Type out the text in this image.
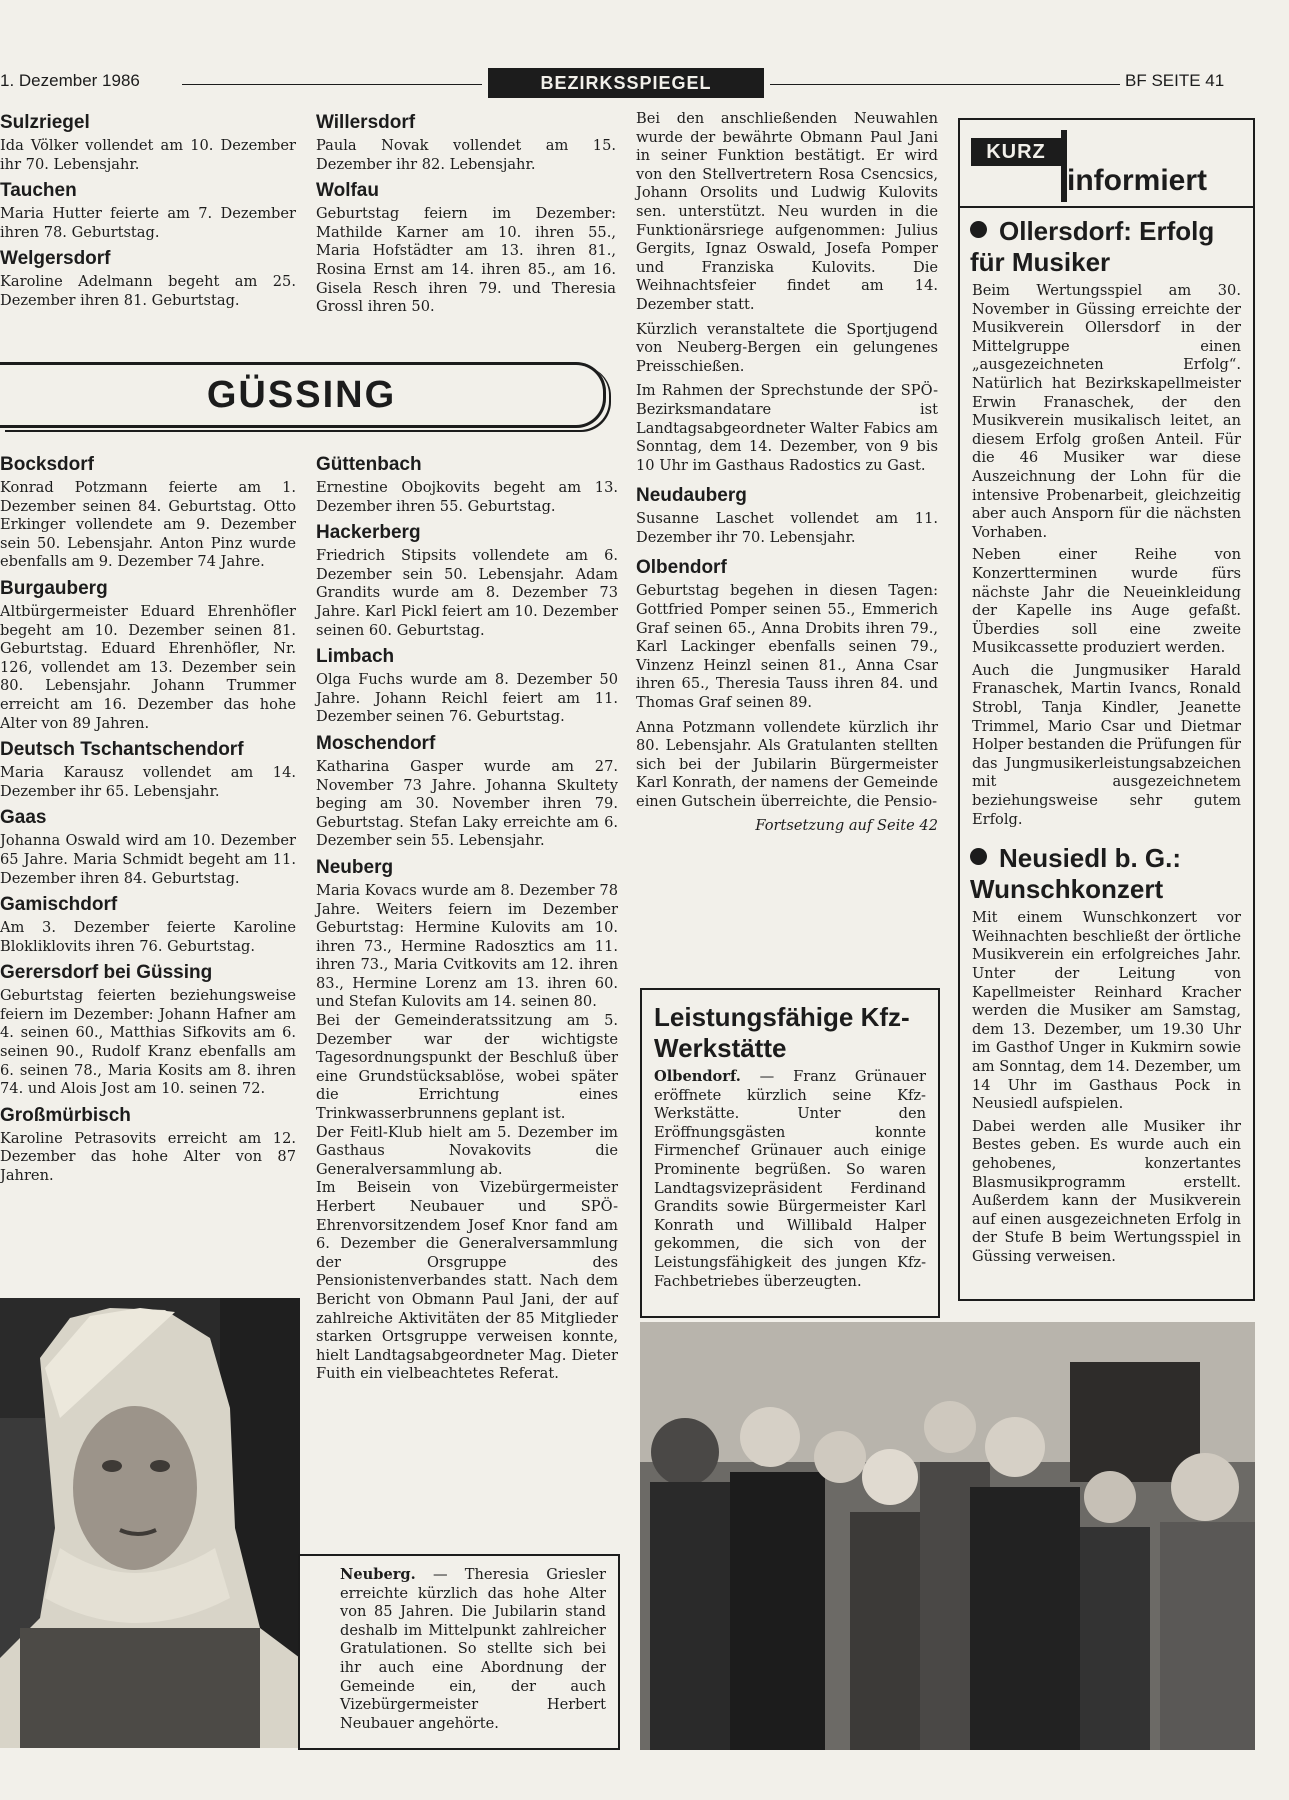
1. Dezember 1986	BEZIRKSSPIEGEL	BF SEITE 41
Sulzriegel
Ida Völker vollendet am 10. Dezember ihr 70. Lebensjahr.
Tauchen
Maria Hutter feierte am 7. Dezember ihren 78. Geburtstag.
Welgersdorf
Karoline Adelmann begeht am 25. Dezember ihren 81. Geburtstag.
Willersdorf
Paula Novak vollendet am 15. Dezember ihr 82. Lebensjahr.
Wolfau
Geburtstag feiern im Dezember: Mathilde Karner am 10. ihren 55., Maria Hofstädter am 13. ihren 81., Rosina Ernst am 14. ihren 85., am 16. Gisela Resch ihren 79. und Theresia Grossl ihren 50.
GÜSSING
Bocksdorf
Konrad Potzmann feierte am 1. Dezember seinen 84. Geburtstag. Otto Erkinger vollendete am 9. Dezember sein 50. Lebensjahr. Anton Pinz wurde ebenfalls am 9. Dezember 74 Jahre.
Burgauberg
Altbürgermeister Eduard Ehrenhöfler begeht am 10. Dezember seinen 81. Geburtstag. Eduard Ehrenhöfler, Nr. 126, vollendet am 13. Dezember sein 80. Lebensjahr. Johann Trummer erreicht am 16. Dezember das hohe Alter von 89 Jahren.
Deutsch Tschantschendorf
Maria Karausz vollendet am 14. Dezember ihr 65. Lebensjahr.
Gaas
Johanna Oswald wird am 10. Dezember 65 Jahre. Maria Schmidt begeht am 11. Dezember ihren 84. Geburtstag.
Gamischdorf
Am 3. Dezember feierte Karoline Blokliklovits ihren 76. Geburtstag.
Gerersdorf bei Güssing
Geburtstag feierten beziehungsweise feiern im Dezember: Johann Hafner am 4. seinen 60., Matthias Sifkovits am 6. seinen 90., Rudolf Kranz ebenfalls am 6. seinen 78., Maria Kosits am 8. ihren 74. und Alois Jost am 10. seinen 72.
Großmürbisch
Karoline Petrasovits erreicht am 12. Dezember das hohe Alter von 87 Jahren.
Güttenbach
Ernestine Obojkovits begeht am 13. Dezember ihren 55. Geburtstag.
Hackerberg
Friedrich Stipsits vollendete am 6. Dezember sein 50. Lebensjahr. Adam Grandits wurde am 8. Dezember 73 Jahre. Karl Pickl feiert am 10. Dezember seinen 60. Geburtstag.
Limbach
Olga Fuchs wurde am 8. Dezember 50 Jahre. Johann Reichl feiert am 11. Dezember seinen 76. Geburtstag.
Moschendorf
Katharina Gasper wurde am 27. November 73 Jahre. Johanna Skultety beging am 30. November ihren 79. Geburtstag. Stefan Laky erreichte am 6. Dezember sein 55. Lebensjahr.
Neuberg
Maria Kovacs wurde am 8. Dezember 78 Jahre. Weiters feiern im Dezember Geburtstag: Hermine Kulovits am 10. ihren 73., Hermine Radosztics am 11. ihren 73., Maria Cvitkovits am 12. ihren 83., Hermine Lorenz am 13. ihren 60. und Stefan Kulovits am 14. seinen 80.
Bei der Gemeinderatssitzung am 5. Dezember war der wichtigste Tagesordnungspunkt der Beschluß über eine Grundstücksablöse, wobei später die Errichtung eines Trinkwasserbrunnens geplant ist.
Der Feitl-Klub hielt am 5. Dezember im Gasthaus Novakovits die Generalversammlung ab.
Im Beisein von Vizebürgermeister Herbert Neubauer und SPÖ-Ehrenvorsitzendem Josef Knor fand am 6. Dezember die Generalversammlung der Orsgruppe des Pensionistenverbandes statt. Nach dem Bericht von Obmann Paul Jani, der auf zahlreiche Aktivitäten der 85 Mitglieder starken Ortsgruppe verweisen konnte, hielt Landtagsabgeordneter Mag. Dieter Fuith ein vielbeachtetes Referat.
Bei den anschließenden Neuwahlen wurde der bewährte Obmann Paul Jani in seiner Funktion bestätigt. Er wird von den Stellvertretern Rosa Csencsics, Johann Orsolits und Ludwig Kulovits sen. unterstützt. Neu wurden in die Funktionärsriege aufgenommen: Julius Gergits, Ignaz Oswald, Josefa Pomper und Franziska Kulovits. Die Weihnachtsfeier findet am 14. Dezember statt.
Kürzlich veranstaltete die Sportjugend von Neuberg-Bergen ein gelungenes Preisschießen.
Im Rahmen der Sprechstunde der SPÖ-Bezirksmandatare ist Landtagsabgeordneter Walter Fabics am Sonntag, dem 14. Dezember, von 9 bis 10 Uhr im Gasthaus Radostics zu Gast.
Neudauberg
Susanne Laschet vollendet am 11. Dezember ihr 70. Lebensjahr.
Olbendorf
Geburtstag begehen in diesen Tagen: Gottfried Pomper seinen 55., Emmerich Graf seinen 65., Anna Drobits ihren 79., Karl Lackinger ebenfalls seinen 79., Vinzenz Heinzl seinen 81., Anna Csar ihren 65., Theresia Tauss ihren 84. und Thomas Graf seinen 89.
Anna Potzmann vollendete kürzlich ihr 80. Lebensjahr. Als Gratulanten stellten sich bei der Jubilarin Bürgermeister Karl Konrath, der namens der Gemeinde einen Gutschein überreichte, die Pensio-
Fortsetzung auf Seite 42
Leistungsfähige Kfz-Werkstätte
Olbendorf. — Franz Grünauer eröffnete kürzlich seine Kfz-Werkstätte. Unter den Eröffnungsgästen konnte Firmenchef Grünauer auch einige Prominente begrüßen. So waren Landtagsvizepräsident Ferdinand Grandits sowie Bürgermeister Karl Konrath und Willibald Halper gekommen, die sich von der Leistungsfähigkeit des jungen Kfz-Fachbetriebes überzeugten.
KURZ
informiert
Ollersdorf: Erfolg für Musiker
Beim Wertungsspiel am 30. November in Güssing erreichte der Musikverein Ollersdorf in der Mittelgruppe einen „ausgezeichneten Erfolg“. Natürlich hat Bezirkskapellmeister Erwin Franaschek, der den Musikverein musikalisch leitet, an diesem Erfolg großen Anteil. Für die 46 Musiker war diese Auszeichnung der Lohn für die intensive Probenarbeit, gleichzeitig aber auch Ansporn für die nächsten Vorhaben.
Neben einer Reihe von Konzertterminen wurde fürs nächste Jahr die Neueinkleidung der Kapelle ins Auge gefaßt. Überdies soll eine zweite Musikcassette produziert werden.
Auch die Jungmusiker Harald Franaschek, Martin Ivancs, Ronald Strobl, Tanja Kindler, Jeanette Trimmel, Mario Csar und Dietmar Holper bestanden die Prüfungen für das Jungmusikerleistungsabzeichen mit ausgezeichnetem beziehungsweise sehr gutem Erfolg.
Neusiedl b. G.: Wunschkonzert
Mit einem Wunschkonzert vor Weihnachten beschließt der örtliche Musikverein ein erfolgreiches Jahr. Unter der Leitung von Kapellmeister Reinhard Kracher werden die Musiker am Samstag, dem 13. Dezember, um 19.30 Uhr im Gasthof Unger in Kukmirn sowie am Sonntag, dem 14. Dezember, um 14 Uhr im Gasthaus Pock in Neusiedl aufspielen.
Dabei werden alle Musiker ihr Bestes geben. Es wurde auch ein gehobenes, konzertantes Blasmusikprogramm erstellt. Außerdem kann der Musikverein auf einen ausgezeichneten Erfolg in der Stufe B beim Wertungsspiel in Güssing verweisen.
Neuberg. — Theresia Griesler erreichte kürzlich das hohe Alter von 85 Jahren. Die Jubilarin stand deshalb im Mittelpunkt zahlreicher Gratulationen. So stellte sich bei ihr auch eine Abordnung der Gemeinde ein, der auch Vizebürgermeister Herbert Neubauer angehörte.
